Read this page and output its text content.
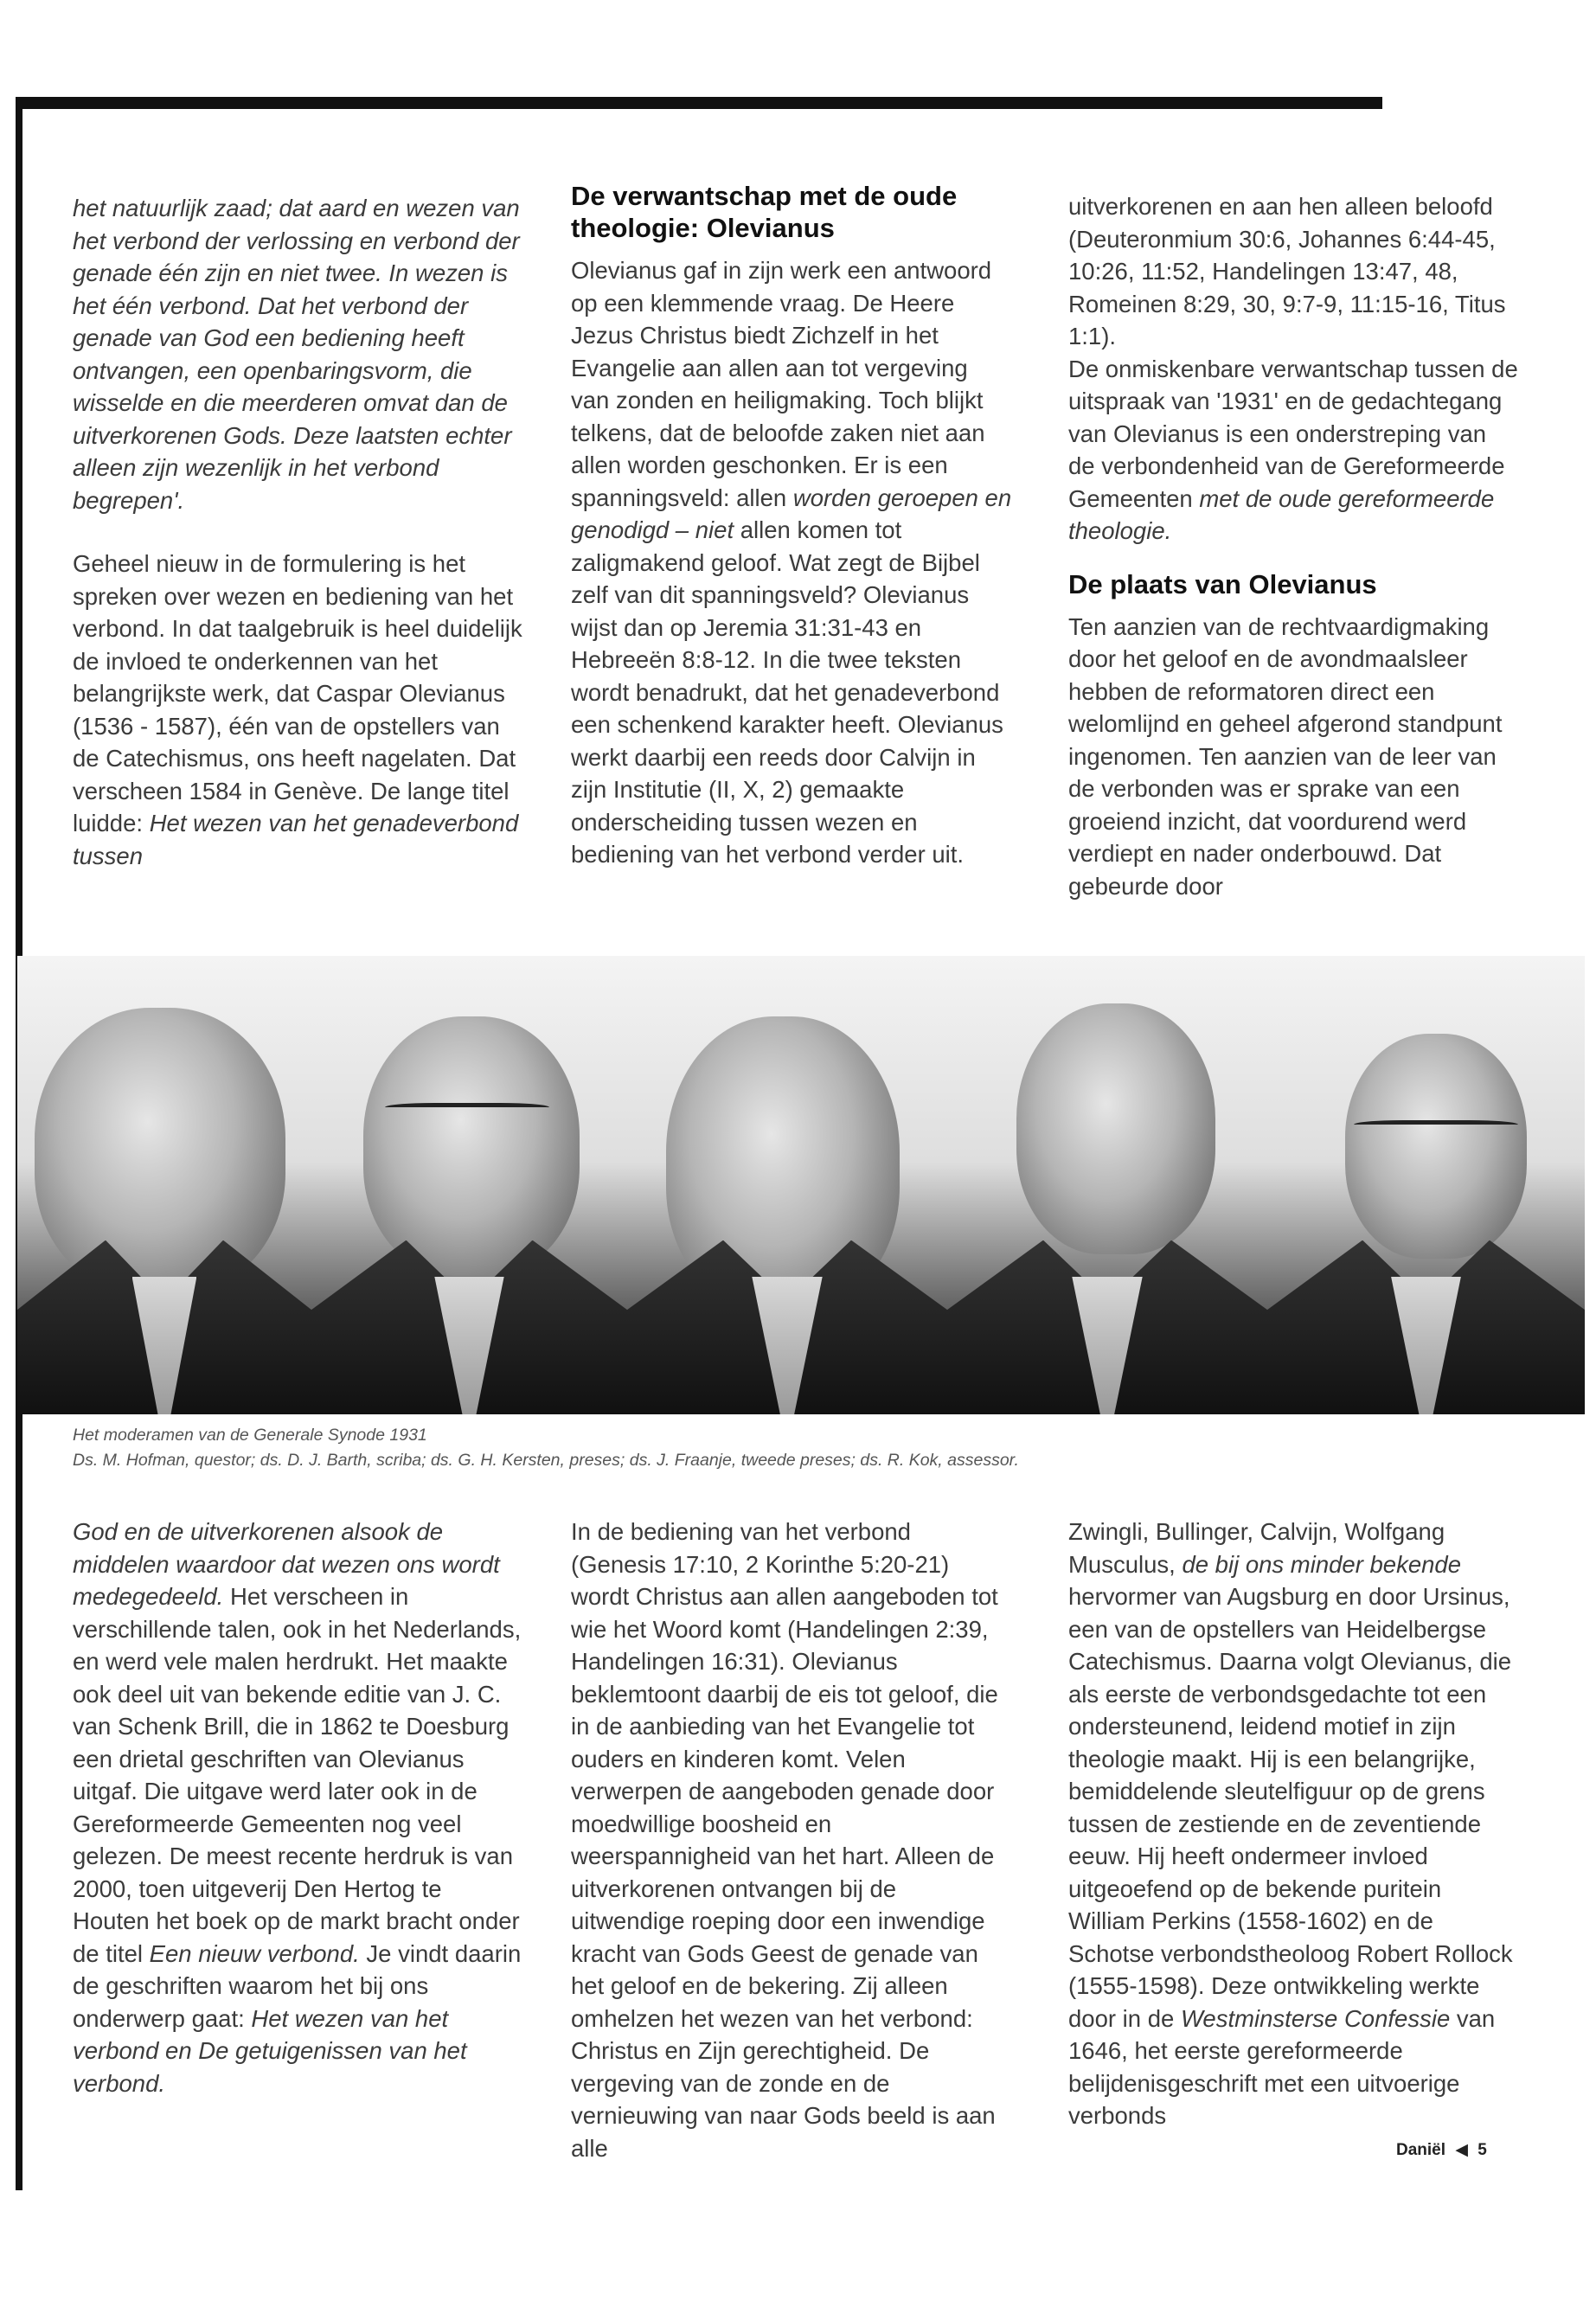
het natuurlijk zaad; dat aard en wezen van het verbond der verlossing en verbond der genade één zijn en niet twee. In wezen is het één verbond. Dat het verbond der genade van God een bediening heeft ontvangen, een openbaringsvorm, die wisselde en die meerderen omvat dan de uitverkorenen Gods. Deze laatsten echter alleen zijn wezenlijk in het verbond begrepen'.

Geheel nieuw in de formulering is het spreken over wezen en bediening van het verbond. In dat taalgebruik is heel duidelijk de invloed te onderkennen van het belangrijkste werk, dat Caspar Olevianus (1536 - 1587), één van de opstellers van de Catechismus, ons heeft nagelaten. Dat verscheen 1584 in Genève. De lange titel luidde: Het wezen van het genadeverbond tussen

De verwantschap met de oude theologie: Olevianus

Olevianus gaf in zijn werk een antwoord op een klemmende vraag. De Heere Jezus Christus biedt Zichzelf in het Evangelie aan allen aan tot vergeving van zonden en heiligmaking. Toch blijkt telkens, dat de beloofde zaken niet aan allen worden geschonken. Er is een spanningsveld: allen worden geroepen en genodigd – niet allen komen tot zaligmakend geloof. Wat zegt de Bijbel zelf van dit spanningsveld? Olevianus wijst dan op Jeremia 31:31-43 en Hebreeën 8:8-12. In die twee teksten wordt benadrukt, dat het genadeverbond een schenkend karakter heeft. Olevianus werkt daarbij een reeds door Calvijn in zijn Institutie (II, X, 2) gemaakte onderscheiding tussen wezen en bediening van het verbond verder uit.

uitverkorenen en aan hen alleen beloofd (Deuteronmium 30:6, Johannes 6:44-45, 10:26, 11:52, Handelingen 13:47, 48, Romeinen 8:29, 30, 9:7-9, 11:15-16, Titus 1:1).

De onmiskenbare verwantschap tussen de uitspraak van '1931' en de gedachtegang van Olevianus is een onderstreping van de verbondenheid van de Gereformeerde Gemeenten met de oude gereformeerde theologie.

De plaats van Olevianus

Ten aanzien van de rechtvaardigmaking door het geloof en de avondmaalsleer hebben de reformatoren direct een welomlijnd en geheel afgerond standpunt ingenomen. Ten aanzien van de leer van de verbonden was er sprake van een groeiend inzicht, dat voordurend werd verdiept en nader onderbouwd. Dat gebeurde door

Het moderamen van de Generale Synode 1931
Ds. M. Hofman, questor; ds. D. J. Barth, scriba; ds. G. H. Kersten, preses; ds. J. Fraanje, tweede preses; ds. R. Kok, assessor.

God en de uitverkorenen alsook de middelen waardoor dat wezen ons wordt medegedeeld. Het verscheen in verschillende talen, ook in het Nederlands, en werd vele malen herdrukt. Het maakte ook deel uit van bekende editie van J. C. van Schenk Brill, die in 1862 te Doesburg een drietal geschriften van Olevianus uitgaf. Die uitgave werd later ook in de Gereformeerde Gemeenten nog veel gelezen. De meest recente herdruk is van 2000, toen uitgeverij Den Hertog te Houten het boek op de markt bracht onder de titel Een nieuw verbond. Je vindt daarin de geschriften waarom het bij ons onderwerp gaat: Het wezen van het verbond en De getuigenissen van het verbond.

In de bediening van het verbond (Genesis 17:10, 2 Korinthe 5:20-21) wordt Christus aan allen aangeboden tot wie het Woord komt (Handelingen 2:39, Handelingen 16:31). Olevianus beklemtoont daarbij de eis tot geloof, die in de aanbieding van het Evangelie tot ouders en kinderen komt. Velen verwerpen de aangeboden genade door moedwillige boosheid en weerspannigheid van het hart. Alleen de uitverkorenen ontvangen bij de uitwendige roeping door een inwendige kracht van Gods Geest de genade van het geloof en de bekering. Zij alleen omhelzen het wezen van het verbond: Christus en Zijn gerechtigheid. De vergeving van de zonde en de vernieuwing van naar Gods beeld is aan alle

Zwingli, Bullinger, Calvijn, Wolfgang Musculus, de bij ons minder bekende hervormer van Augsburg en door Ursinus, een van de opstellers van Heidelbergse Catechismus. Daarna volgt Olevianus, die als eerste de verbondsgedachte tot een ondersteunend, leidend motief in zijn theologie maakt. Hij is een belangrijke, bemiddelende sleutelfiguur op de grens tussen de zestiende en de zeventiende eeuw. Hij heeft ondermeer invloed uitgeoefend op de bekende puritein William Perkins (1558-1602) en de Schotse verbondstheoloog Robert Rollock (1555-1598). Deze ontwikkeling werkte door in de Westminsterse Confessie van 1646, het eerste gereformeerde belijdenisgeschrift met een uitvoerige verbonds

Daniël ◀ 5
